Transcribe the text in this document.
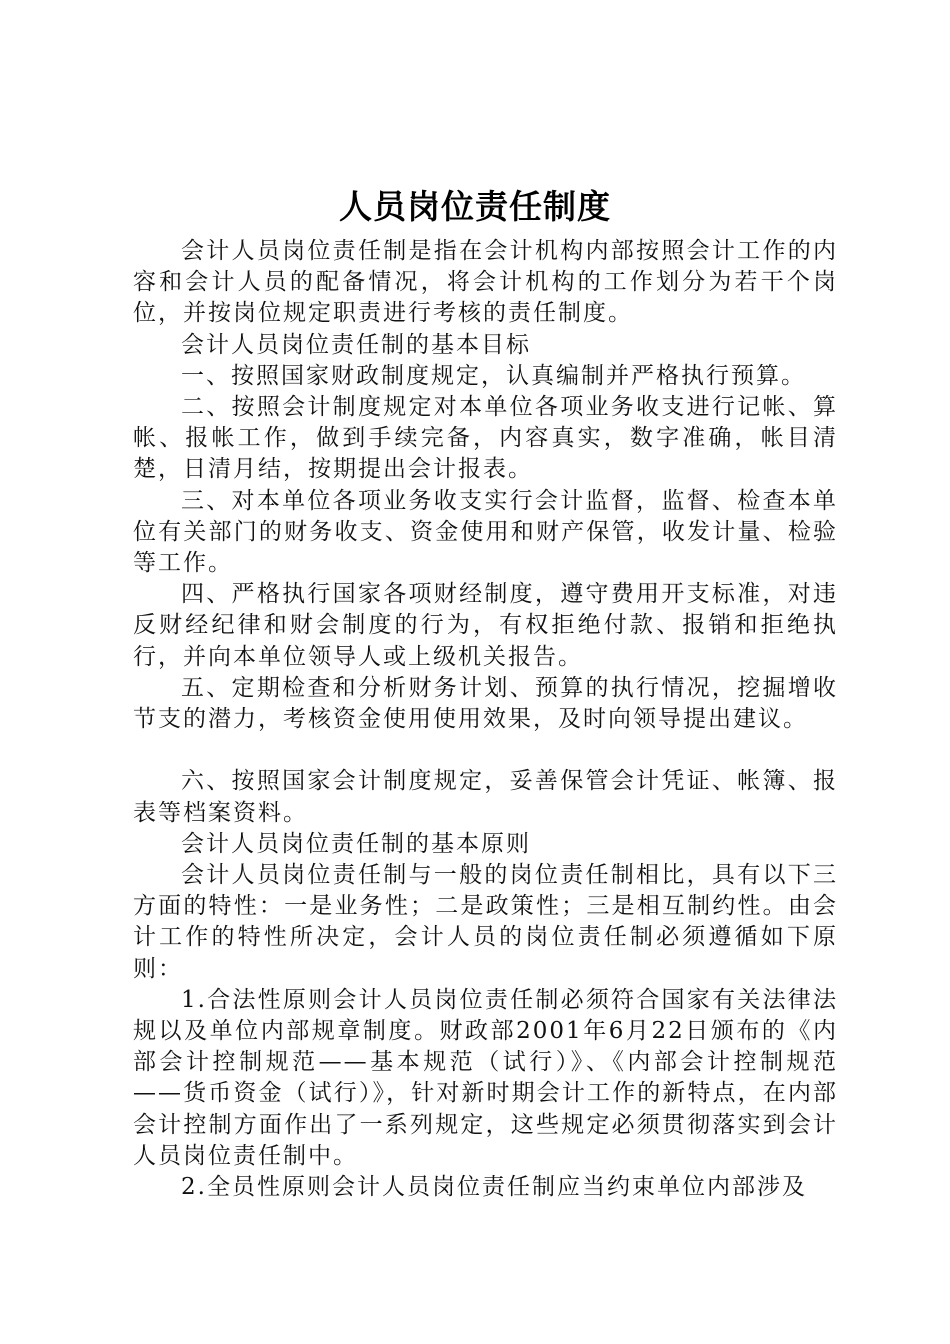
人员岗位责任制度

会计人员岗位责任制是指在会计机构内部按照会计工作的内容和会计人员的配备情况，将会计机构的工作划分为若干个岗位，并按岗位规定职责进行考核的责任制度。

会计人员岗位责任制的基本目标

一、按照国家财政制度规定，认真编制并严格执行预算。

二、按照会计制度规定对本单位各项业务收支进行记帐、算帐、报帐工作，做到手续完备，内容真实，数字准确，帐目清楚，日清月结，按期提出会计报表。

三、对本单位各项业务收支实行会计监督，监督、检查本单位有关部门的财务收支、资金使用和财产保管，收发计量、检验等工作。

四、严格执行国家各项财经制度，遵守费用开支标准，对违反财经纪律和财会制度的行为，有权拒绝付款、报销和拒绝执行，并向本单位领导人或上级机关报告。

五、定期检查和分析财务计划、预算的执行情况，挖掘增收节支的潜力，考核资金使用使用效果，及时向领导提出建议。

六、按照国家会计制度规定，妥善保管会计凭证、帐簿、报表等档案资料。

会计人员岗位责任制的基本原则

会计人员岗位责任制与一般的岗位责任制相比，具有以下三方面的特性：一是业务性；二是政策性；三是相互制约性。由会计工作的特性所决定，会计人员的岗位责任制必须遵循如下原则：

1.合法性原则会计人员岗位责任制必须符合国家有关法律法规以及单位内部规章制度。财政部2001年6月22日颁布的《内部会计控制规范——基本规范（试行）》、《内部会计控制规范——货币资金（试行）》，针对新时期会计工作的新特点，在内部会计控制方面作出了一系列规定，这些规定必须贯彻落实到会计人员岗位责任制中。

2.全员性原则会计人员岗位责任制应当约束单位内部涉及
